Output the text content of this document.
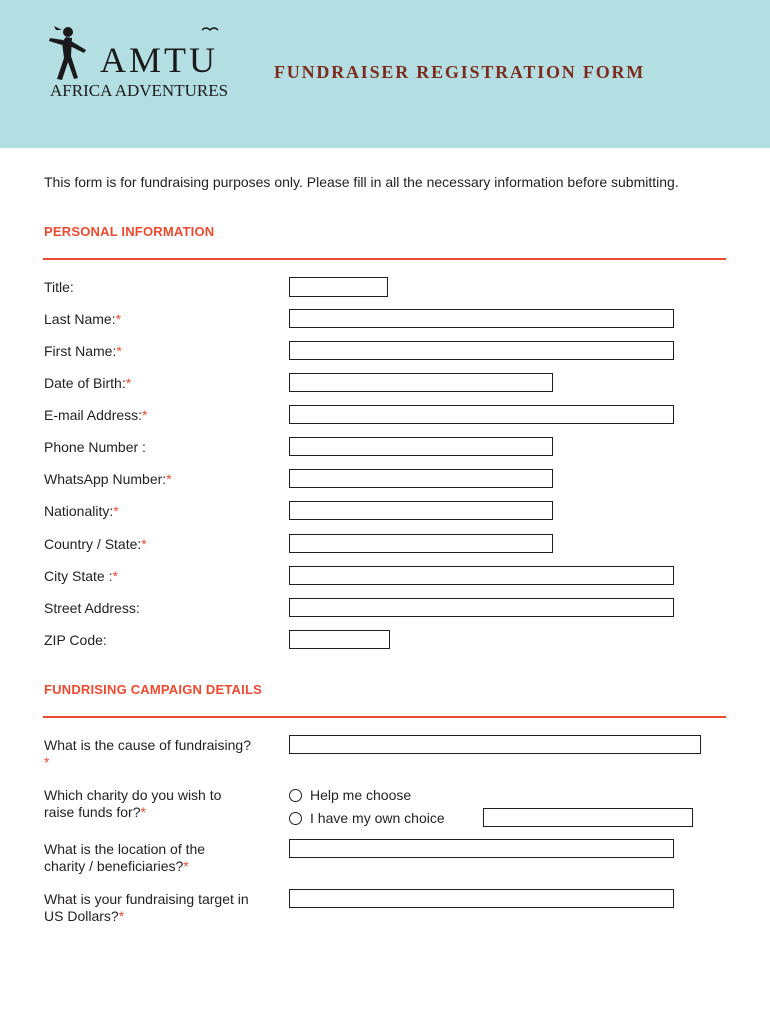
AMTU
AFRICA ADVENTURES
FUNDRAISER REGISTRATION FORM
This form is for fundraising purposes only. Please fill in all the necessary information before submitting.
PERSONAL INFORMATION
Title:
Last Name:*
First Name:*
Date of Birth:*
E-mail Address:*
Phone Number :
WhatsApp Number:*
Nationality:*
Country / State:*
City State :*
Street Address:
ZIP Code:
FUNDRISING CAMPAIGN DETAILS
What is the cause of fundraising?
*
Which charity do you wish to
raise funds for?*
Help me choose
I have my own choice
What is the location of the
charity / beneficiaries?*
What is your fundraising target in
US Dollars?*
